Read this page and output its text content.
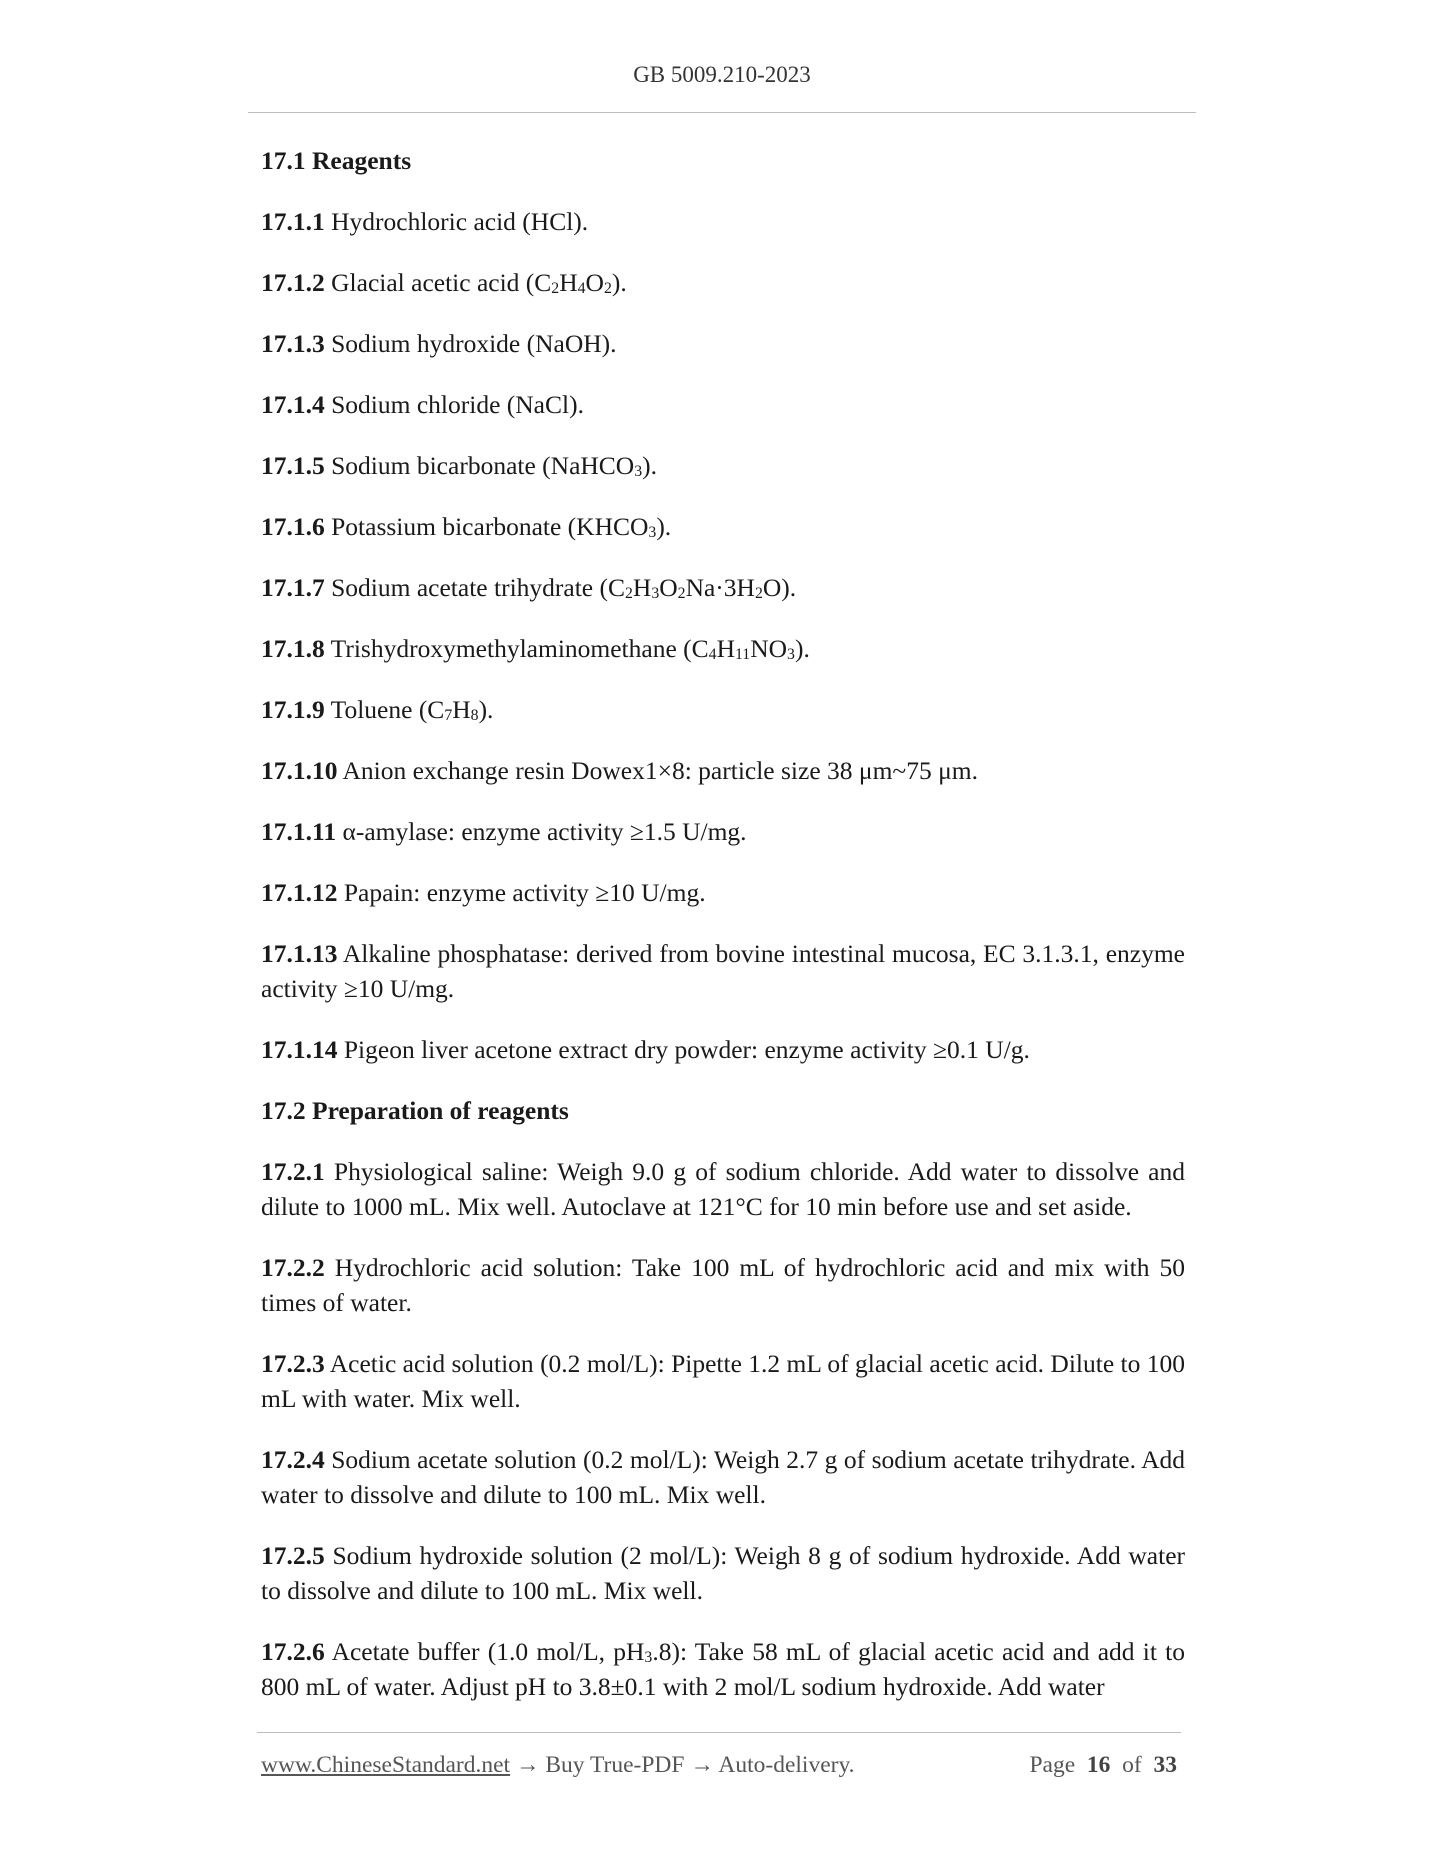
GB 5009.210-2023
17.1 Reagents
17.1.1 Hydrochloric acid (HCl).
17.1.2 Glacial acetic acid $(C_2H_4O_2)$.
17.1.3 Sodium hydroxide (NaOH).
17.1.4 Sodium chloride (NaCl).
17.1.5 Sodium bicarbonate (NaHCO$_3$).
17.1.6 Potassium bicarbonate $(KHCO_3)$.
17.1.7 Sodium acetate trihydrate $(C_2H_3O_2Na\cdot 3H_2O)$.
17.1.8 Trishydroxymethylaminomethane $(C_4H_{11}NO_3)$.
17.1.9 Toluene $(C_7H_8)$.
17.1.10 Anion exchange resin Dowex1×8: particle size 38 μm~75 μm.
17.1.11 α-amylase: enzyme activity ≥1.5 U/mg.
17.1.12 Papain: enzyme activity ≥10 U/mg.
17.1.13 Alkaline phosphatase: derived from bovine intestinal mucosa, EC 3.1.3.1, enzyme activity ≥10 U/mg.
17.1.14 Pigeon liver acetone extract dry powder: enzyme activity ≥0.1 U/g.
17.2 Preparation of reagents
17.2.1 Physiological saline: Weigh 9.0 g of sodium chloride. Add water to dissolve and dilute to 1000 mL. Mix well. Autoclave at 121°C for 10 min before use and set aside.
17.2.2 Hydrochloric acid solution: Take 100 mL of hydrochloric acid and mix with 50 times of water.
17.2.3 Acetic acid solution (0.2 mol/L): Pipette 1.2 mL of glacial acetic acid. Dilute to 100 mL with water. Mix well.
17.2.4 Sodium acetate solution (0.2 mol/L): Weigh 2.7 g of sodium acetate trihydrate. Add water to dissolve and dilute to 100 mL. Mix well.
17.2.5 Sodium hydroxide solution (2 mol/L): Weigh 8 g of sodium hydroxide. Add water to dissolve and dilute to 100 mL. Mix well.
17.2.6 Acetate buffer (1.0 mol/L, $pH_3.8$): Take 58 mL of glacial acetic acid and add it to 800 mL of water. Adjust pH to 3.8±0.1 with 2 mol/L sodium hydroxide. Add water
www.ChineseStandard.net → Buy True-PDF → Auto-delivery.	Page 16 of 33
